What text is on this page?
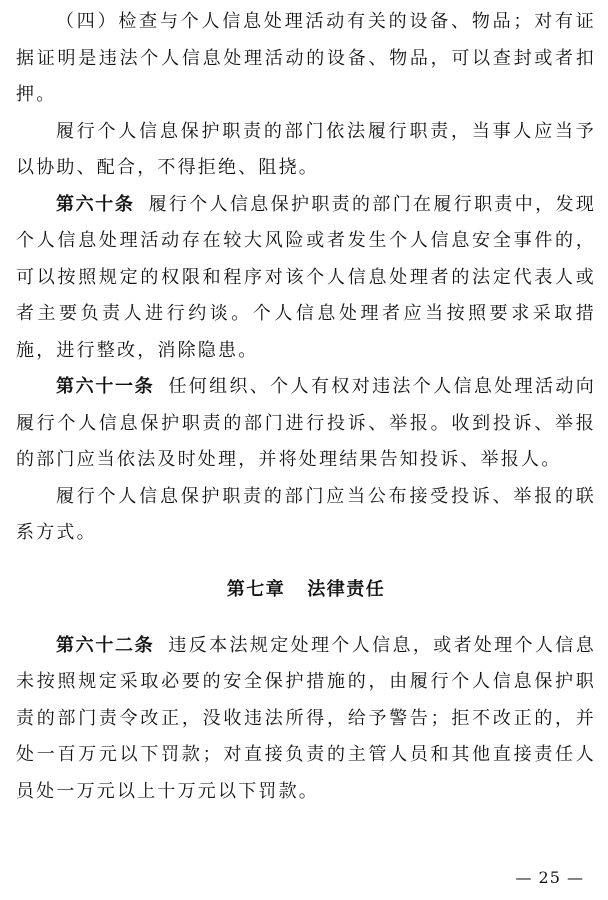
（四）检查与个人信息处理活动有关的设备、物品；对有证据证明是违法个人信息处理活动的设备、物品，可以查封或者扣押。

履行个人信息保护职责的部门依法履行职责，当事人应当予以协助、配合，不得拒绝、阻挠。

第六十条 履行个人信息保护职责的部门在履行职责中，发现个人信息处理活动存在较大风险或者发生个人信息安全事件的，可以按照规定的权限和程序对该个人信息处理者的法定代表人或者主要负责人进行约谈。个人信息处理者应当按照要求采取措施，进行整改，消除隐患。

第六十一条 任何组织、个人有权对违法个人信息处理活动向履行个人信息保护职责的部门进行投诉、举报。收到投诉、举报的部门应当依法及时处理，并将处理结果告知投诉、举报人。

履行个人信息保护职责的部门应当公布接受投诉、举报的联系方式。

第七章 法律责任

第六十二条 违反本法规定处理个人信息，或者处理个人信息未按照规定采取必要的安全保护措施的，由履行个人信息保护职责的部门责令改正，没收违法所得，给予警告；拒不改正的，并处一百万元以下罚款；对直接负责的主管人员和其他直接责任人员处一万元以上十万元以下罚款。

— 25 —
